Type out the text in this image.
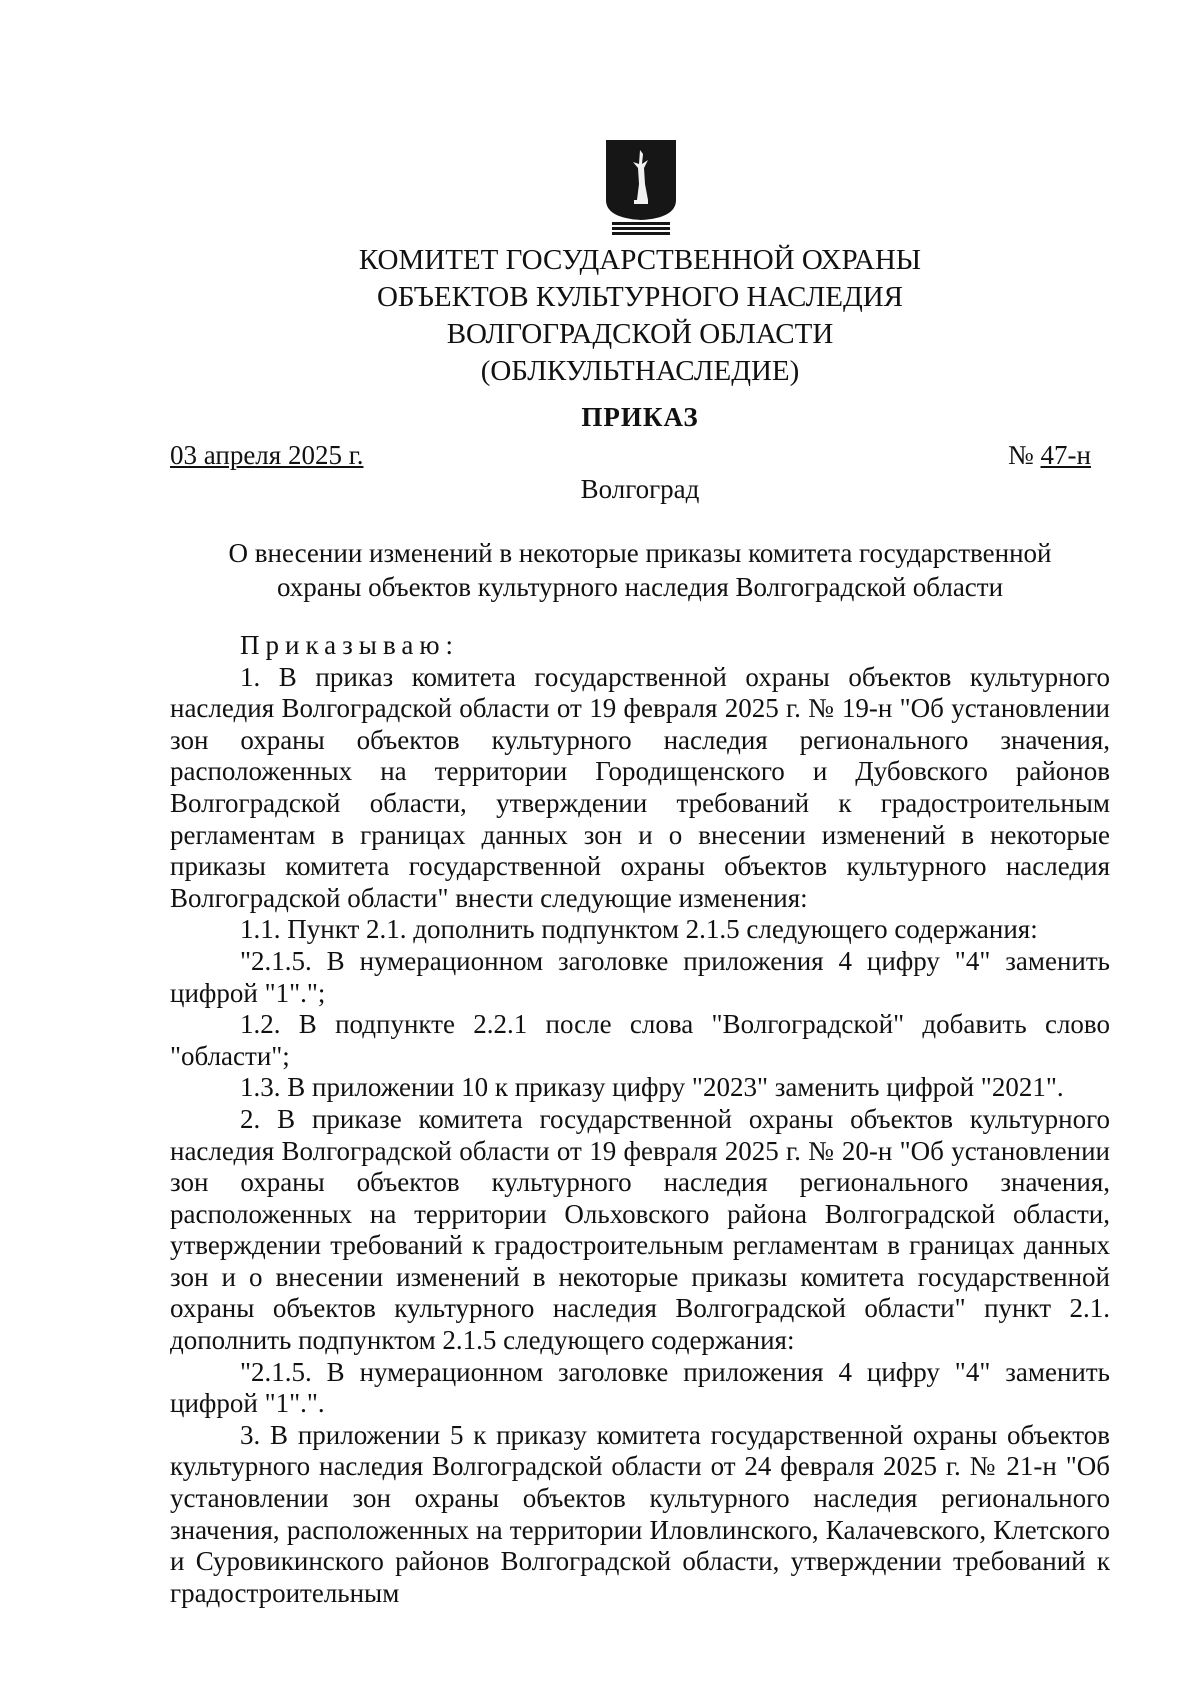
КОМИТЕТ ГОСУДАРСТВЕННОЙ ОХРАНЫ
ОБЪЕКТОВ КУЛЬТУРНОГО НАСЛЕДИЯ
ВОЛГОГРАДСКОЙ ОБЛАСТИ
(ОБЛКУЛЬТНАСЛЕДИЕ)
ПРИКАЗ
03 апреля 2025 г.	№ 47-н
Волгоград
О внесении изменений в некоторые приказы комитета государственной
охраны объектов культурного наследия Волгоградской области

Приказываю:

1. В приказ комитета государственной охраны объектов культурного наследия Волгоградской области от 19 февраля 2025 г. № 19-н "Об установлении зон охраны объектов культурного наследия регионального значения, расположенных на территории Городищенского и Дубовского районов Волгоградской области, утверждении требований к градостроительным регламентам в границах данных зон и о внесении изменений в некоторые приказы комитета государственной охраны объектов культурного наследия Волгоградской области" внести следующие изменения:

1.1. Пункт 2.1. дополнить подпунктом 2.1.5 следующего содержания:

"2.1.5. В нумерационном заголовке приложения 4 цифру "4" заменить цифрой "1".";

1.2. В подпункте 2.2.1 после слова "Волгоградской" добавить слово "области";

1.3. В приложении 10 к приказу цифру "2023" заменить цифрой "2021".

2. В приказе комитета государственной охраны объектов культурного наследия Волгоградской области от 19 февраля 2025 г. № 20-н "Об установлении зон охраны объектов культурного наследия регионального значения, расположенных на территории Ольховского района Волгоградской области, утверждении требований к градостроительным регламентам в границах данных зон и о внесении изменений в некоторые приказы комитета государственной охраны объектов культурного наследия Волгоградской области" пункт 2.1. дополнить подпунктом 2.1.5 следующего содержания:

"2.1.5. В нумерационном заголовке приложения 4 цифру "4" заменить цифрой "1".".

3. В приложении 5 к приказу комитета государственной охраны объектов культурного наследия Волгоградской области от 24 февраля 2025 г. № 21-н "Об установлении зон охраны объектов культурного наследия регионального значения, расположенных на территории Иловлинского, Калачевского, Клетского и Суровикинского районов Волгоградской области, утверждении требований к градостроительным
